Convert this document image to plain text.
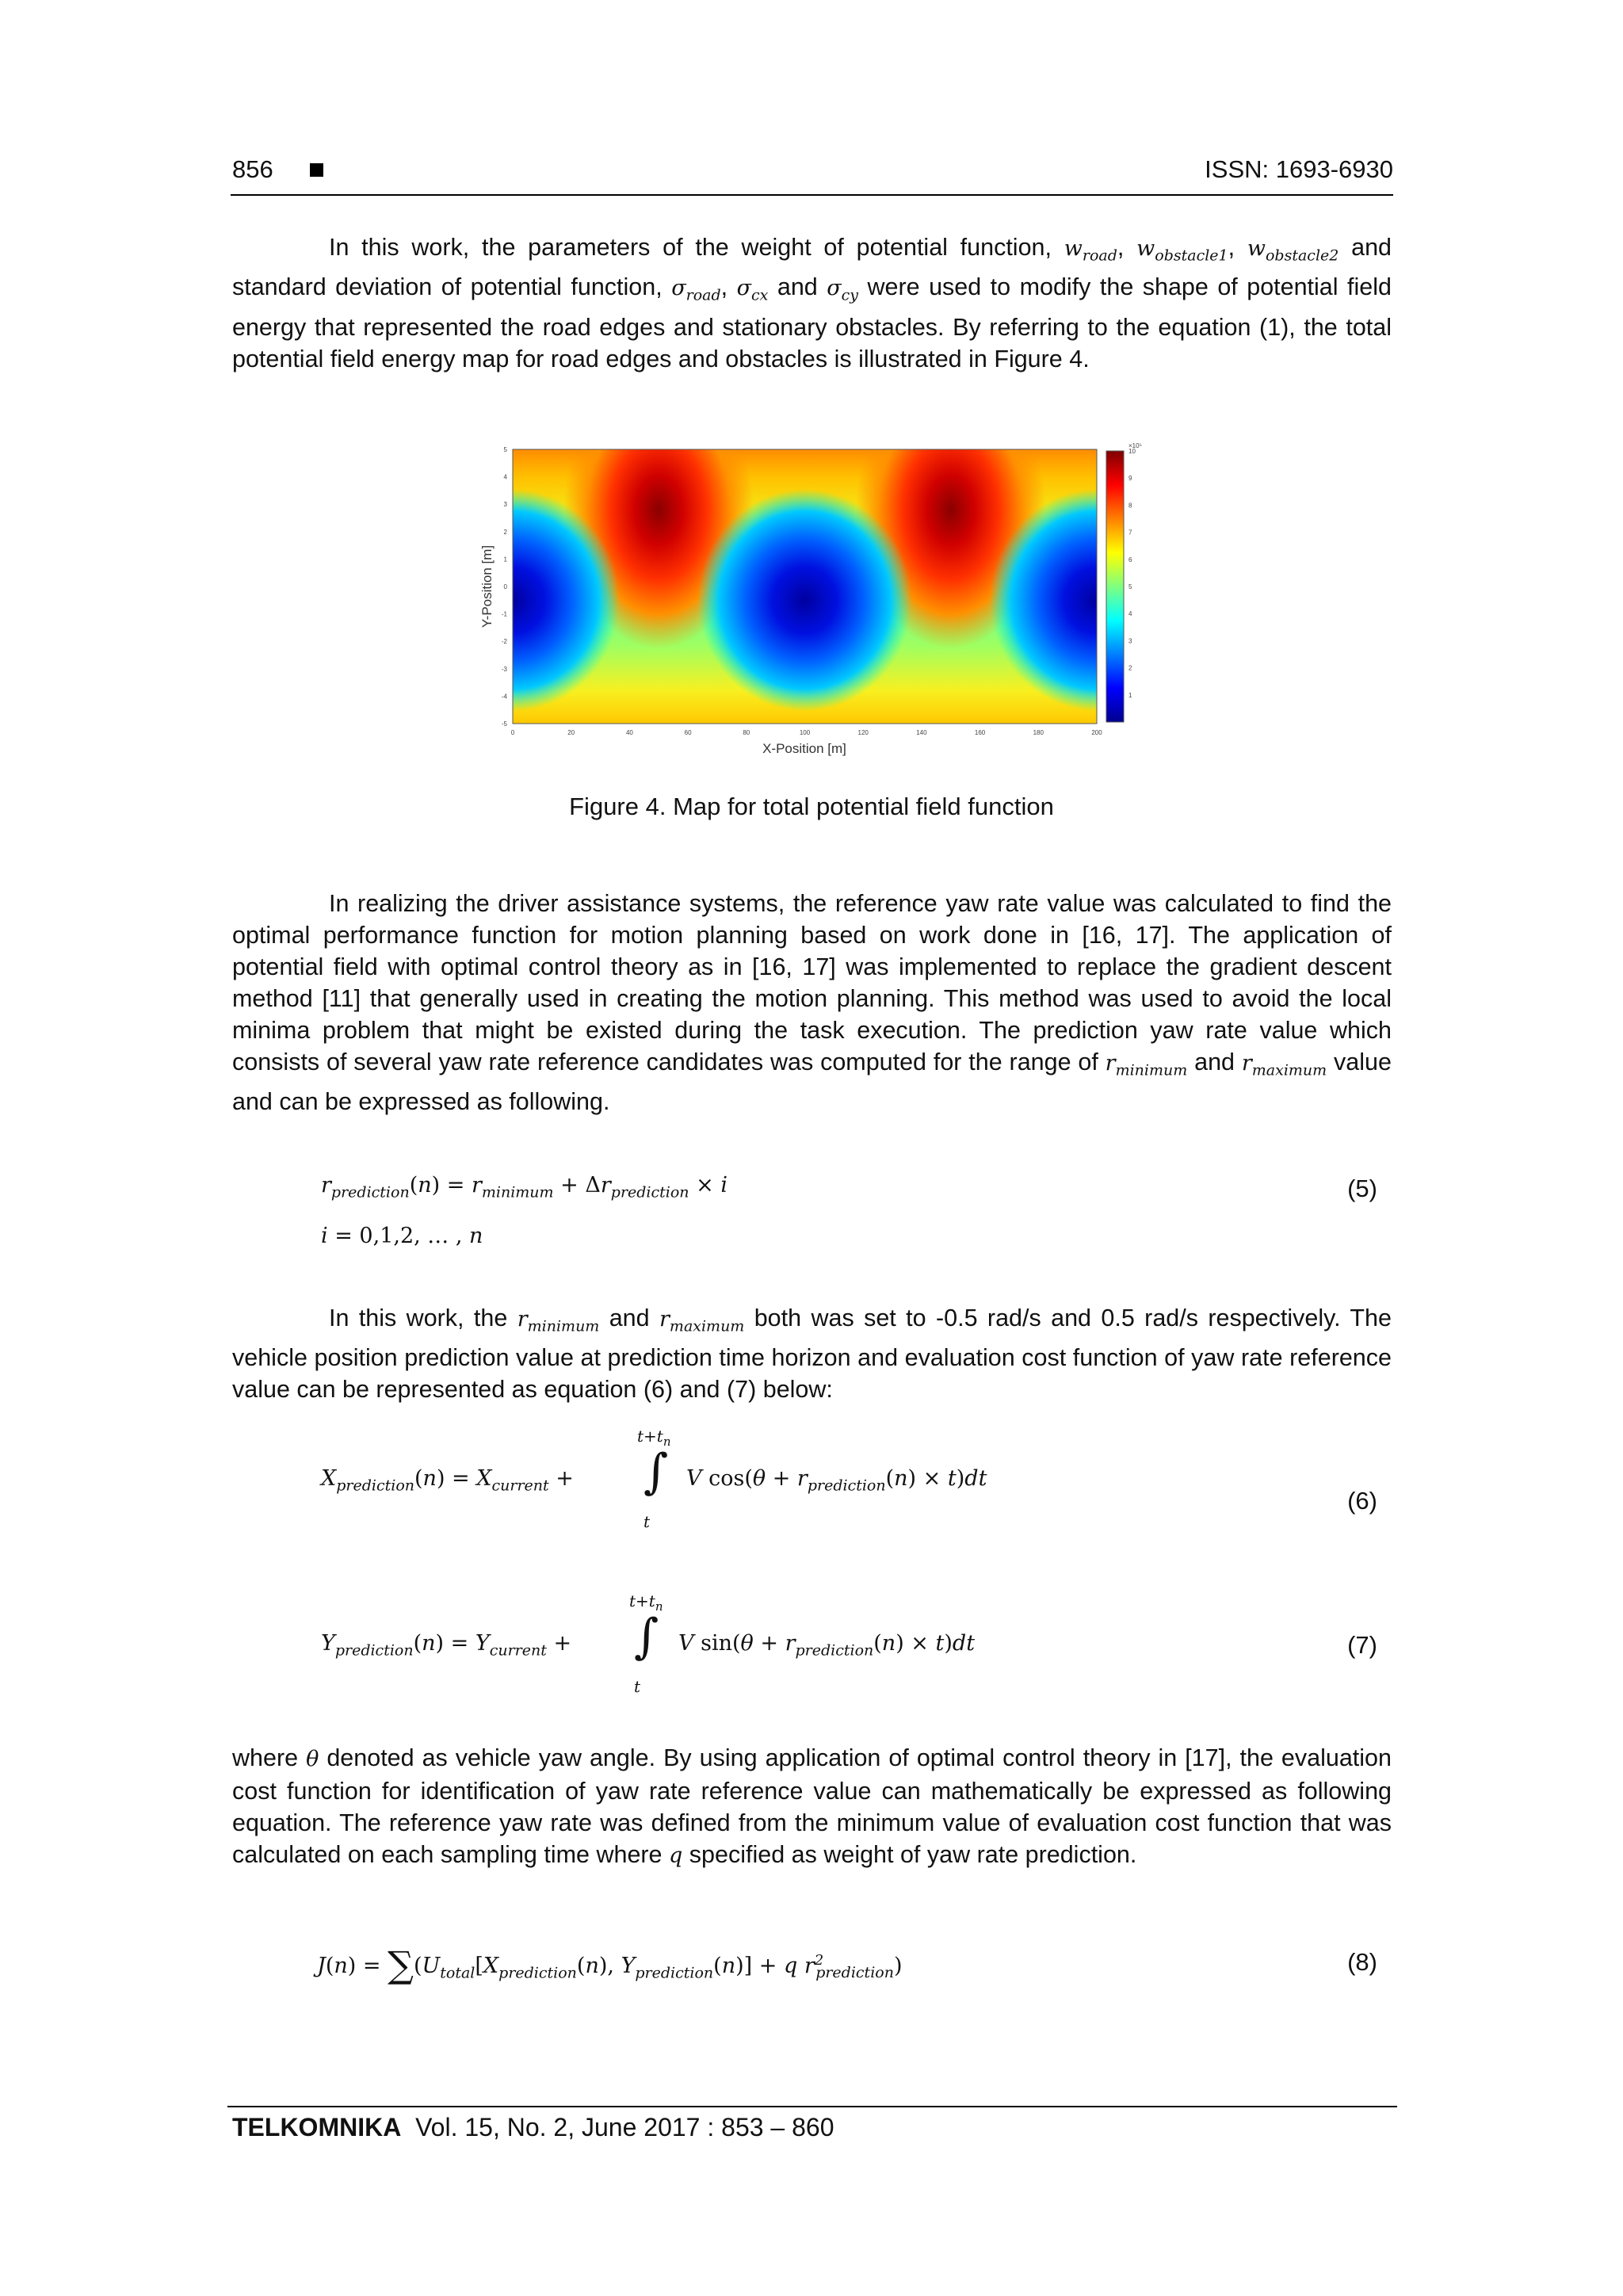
856	ISSN: 1693-6930

In this work, the parameters of the weight of potential function, $w_{road}$, $w_{obstacle1}$, $w_{obstacle2}$ and standard deviation of potential function, $\sigma_{road}$, $\sigma_{cx}$ and $\sigma_{cy}$ were used to modify the shape of potential field energy that represented the road edges and stationary obstacles. By referring to the equation (1), the total potential field energy map for road edges and obstacles is illustrated in Figure 4.

0	20	40	60	80	100	120	140	160	180	200
5
4
3
2
1
0
-1
-2
-3
-4
-5
X-Position [m]
Y-Position [m]
×10⁵
10
9
8
7
6
5
4
3
2
1
Figure 4. Map for total potential field function

In realizing the driver assistance systems, the reference yaw rate value was calculated to find the optimal performance function for motion planning based on work done in [16, 17]. The application of potential field with optimal control theory as in [16, 17] was implemented to replace the gradient descent method [11] that generally used in creating the motion planning. This method was used to avoid the local minima problem that might be existed during the task execution. The prediction yaw rate value which consists of several yaw rate reference candidates was computed for the range of $r_{minimum}$ and $r_{maximum}$ value and can be expressed as following.

$r_{prediction}(n) = r_{minimum} + \Delta r_{prediction} \times i$
i = 0,1,2, … , n
(5)

In this work, the $r_{minimum}$ and $r_{maximum}$ both was set to -0.5 rad/s and 0.5 rad/s respectively. The vehicle position prediction value at prediction time horizon and evaluation cost function of yaw rate reference value can be represented as equation (6) and (7) below:

$t+t_n$
$X_{prediction}(n) = X_{current}$ + ∫
t
V $\cos(\theta + r_{prediction}(n) \times t)dt$
(6)
$t+t_n$
$Y_{prediction}(n) = Y_{current}$ + ∫
t
V $\sin(\theta + r_{prediction}(n) \times t)dt$	(7)

where θ denoted as vehicle yaw angle. By using application of optimal control theory in [17], the evaluation cost function for identification of yaw rate reference value can mathematically be expressed as following equation. The reference yaw rate was defined from the minimum value of evaluation cost function that was calculated on each sampling time where q specified as weight of yaw rate prediction.

$J(n) = \sum(U_{total}[X_{prediction}(n)$, $Y_{prediction}(n)] + q$ $r^2_{prediction}$)	(8)
TELKOMNIKA Vol. 15, No. 2, June 2017 : 853 – 860
